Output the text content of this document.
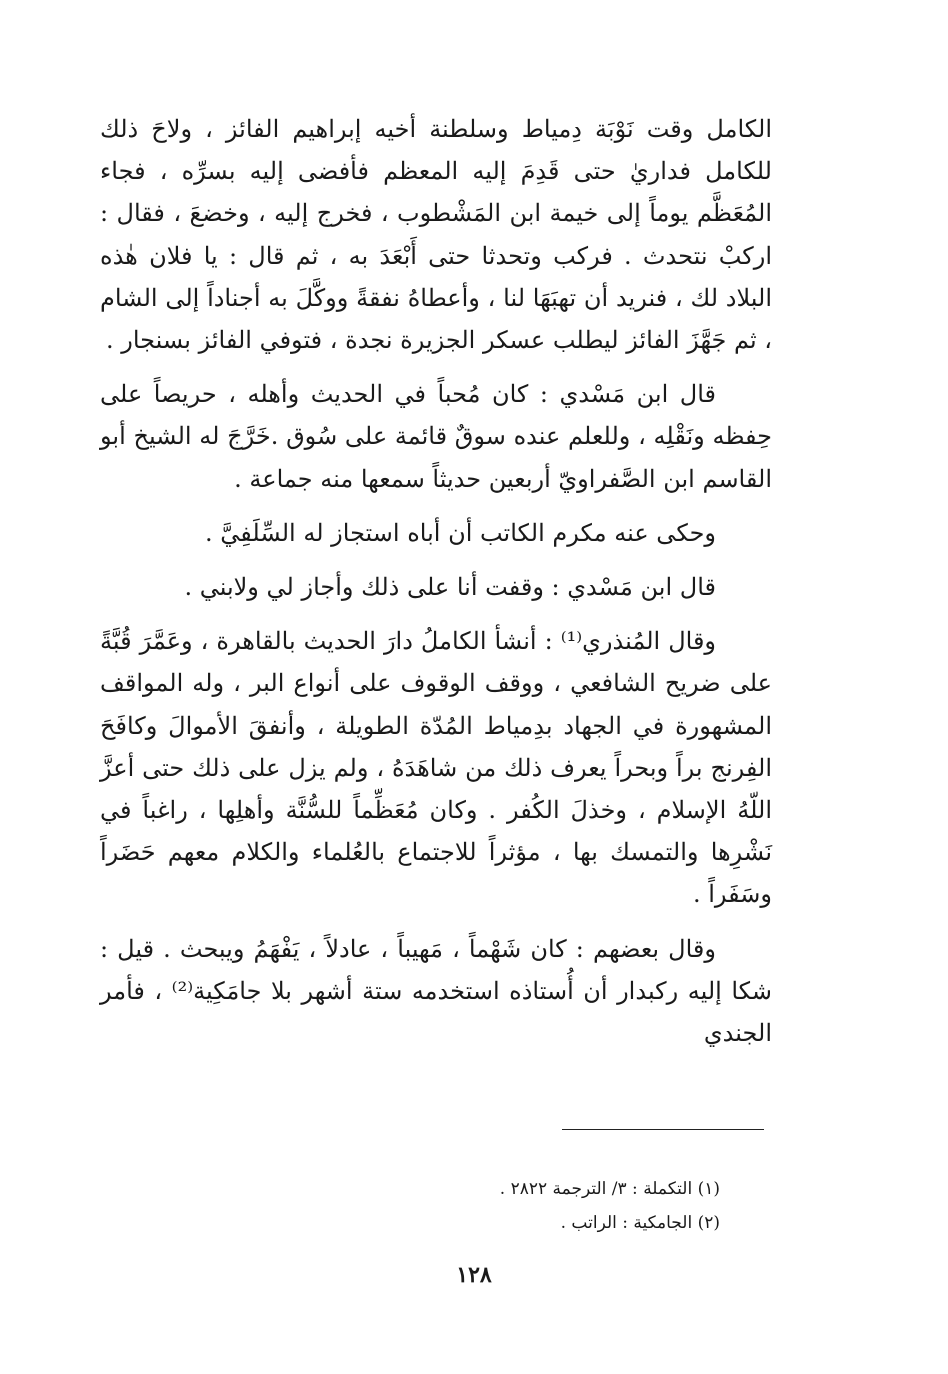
الكامل وقت نَوْبَة دِمياط وسلطنة أخيه إبراهيم الفائز ، ولاحَ ذلك للكامل فداريٰ حتى قَدِمَ إليه المعظم فأفضى إليه بسرِّه ، فجاء المُعَظَّم يوماً إلى خيمة ابن المَشْطوب ، فخرج إليه ، وخضعَ ، فقال : اركبْ نتحدث . فركب وتحدثا حتى أَبْعَدَ به ، ثم قال : يا فلان هٰذه البلاد لك ، فنريد أن تهبَهَا لنا ، وأعطاهُ نفقةً ووكَّلَ به أجناداً إلى الشام ، ثم جَهَّزَ الفائز ليطلب عسكر الجزيرة نجدة ، فتوفي الفائز بسنجار .

قال ابن مَسْدي : كان مُحباً في الحديث وأهله ، حريصاً على حِفظه ونَقْلِه ، وللعلم عنده سوقٌ قائمة على سُوق .خَرَّجَ له الشيخ أبو القاسم ابن الصَّفراويّ أربعين حديثاً سمعها منه جماعة .

وحكى عنه مكرم الكاتب أن أباه استجاز له السِّلَفِيَّ .

قال ابن مَسْدي : وقفت أنا على ذلك وأجاز لي ولابني .

وقال المُنذري⁽¹⁾ : أنشأ الكاملُ دارَ الحديث بالقاهرة ، وعَمَّرَ قُبَّةً على ضريح الشافعي ، ووقف الوقوف على أنواع البر ، وله المواقف المشهورة في الجهاد بدِمياط المُدّة الطويلة ، وأنفقَ الأموالَ وكافَحَ الفِرنج براً وبحراً يعرف ذلك من شاهَدَهُ ، ولم يزل على ذلك حتى أعزَّ اللّهُ الإسلام ، وخذلَ الكُفر . وكان مُعَظِّماً للسُّنَّة وأهلِها ، راغباً في نَشْرِها والتمسك بها ، مؤثراً للاجتماع بالعُلماء والكلام معهم حَضَراً وسَفَراً .

وقال بعضهم : كان شَهْماً ، مَهيباً ، عادلاً ، يَفْهَمُ ويبحث . قيل : شكا إليه ركبدار أن أُستاذه استخدمه ستة أشهر بلا جامَكِية⁽²⁾ ، فأمر الجندي

(١) التكملة : ٣/ الترجمة ٢٨٢٢ .

(٢) الجامكية : الراتب .

١٢٨
